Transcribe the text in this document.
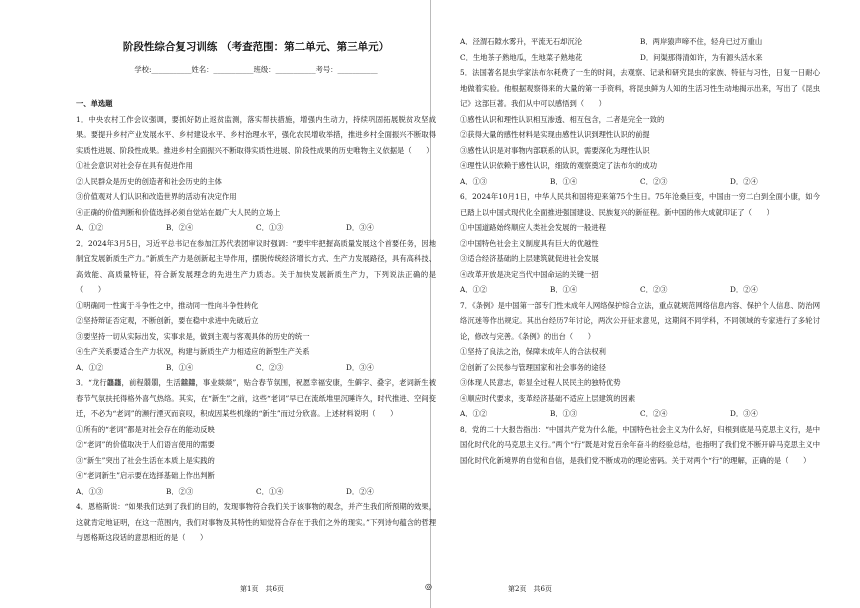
阶段性综合复习训练 （考查范围：第二单元、第三单元）
学校:___________姓名：___________班级：___________考号：___________
一、单选题

1．中央农村工作会议强调，要抓好防止返贫监测，落实帮扶措施，增强内生动力，持续巩固拓展脱贫攻坚成果。要提升乡村产业发展水平、乡村建设水平、乡村治理水平，强化农民增收举措，推进乡村全面振兴不断取得实质性进展、阶段性成果。推进乡村全面振兴不断取得实质性进展、阶段性成果的历史唯物主义依据是（　　）

①社会意识对社会存在具有促进作用

②人民群众是历史的创造者和社会历史的主体

③价值观对人们认识和改造世界的活动有决定作用

④正确的价值判断和价值选择必须自觉站在最广大人民的立场上

A．①②	B．②④	C．①③	D．③④

2．2024年3月5日，习近平总书记在参加江苏代表团审议时强调：“要牢牢把握高质量发展这个首要任务，因地制宜发展新质生产力。”新质生产力是创新起主导作用，摆脱传统经济增长方式、生产力发展路径，具有高科技、高效能、高质量特征，符合新发展理念的先进生产力质态。关于加快发展新质生产力，下列说法正确的是（　　）

①明确同一性寓于斗争性之中，推动同一性向斗争性转化

②坚持辩证否定观，不断创新，要在稳中求进中先破后立

③要坚持一切从实际出发，实事求是，做到主观与客观具体的历史的统一

④生产关系要适合生产力状况，构建与新质生产力相适应的新型生产关系

A．①②	B．①④	C．②③	D．③④

3．“龙行龘龘，前程朤朤，生活䲜䲜，事业燚燚”，贴合春节氛围，祝愿幸福安康，生僻字、叠字，老词新生被春节气氛扶托得格外喜气热络。其实，在“新生”之前，这些“老词”早已在流纸堆里沉睡许久，时代推进、空间变迁，不必为“老词”的濒行湮灭而哀叹，积成因某些机缘的“新生”而过分欣喜。上述材料说明（　　）

①所有的“老词”都是对社会存在的能动反映

②“老词”的价值取决于人们语言使用的需要

③“新生”突出了社会生活在本质上是实践的

④“老词新生”启示要在选择基础上作出判断

A．①③	B．②③	C．①④	D．②④

4．恩格斯说：“如果我们达到了我们的目的，发现事物符合我们关于该事物的观念，并产生我们所预期的效果，这就肯定地证明，在这一范围内，我们对事物及其特性的知觉符合存在于我们之外的现实。”下列诗句蕴含的哲理与恩格斯这段话的意思相近的是（　　）

A．泾渭石隙水雾升，平流无石却沉沦	B．两岸猿声啼不住，轻舟已过万重山
C．生地茶子熟地瓜，生地菜子熟地花	D．问渠那得清如许，为有源头活水来

5．法国著名昆虫学家法布尔耗费了一生的时间，去观察、记录和研究昆虫的家族、特征与习性，日复一日耐心地做着实验。他根据观察得来的大量的第一手资料，将昆虫鲜为人知的生活习性生动地揭示出来，写出了《昆虫记》这部巨著。我们从中可以感悟到（　　）

①感性认识和理性认识相互渗透、相互包含，二者是完全一致的

②获得大量的感性材料是实现由感性认识到理性认识的前提

③感性认识是对事物内部联系的认识，需要深化为理性认识

④理性认识依赖于感性认识，细致的观察奠定了法布尔的成功

A．①③	B．①④	C．②③	D．②④

6．2024年10月1日，中华人民共和国将迎来第75个生日。75年沧桑巨变，中国由一穷二白到全面小康，如今已踏上以中国式现代化全面推进强国建设、民族复兴的新征程。新中国的伟大成就印证了（　　）

①中国道路始终顺应人类社会发展的一般进程

②中国特色社会主义制度具有巨大的优越性

③适合经济基础的上层建筑就促进社会发展

④改革开放是决定当代中国命运的关键一招

A．①②	B．①④	C．②③	D．②④

7．《条例》是中国第一部专门性未成年人网络保护综合立法，重点就规范网络信息内容、保护个人信息、防治网络沉迷等作出规定。其出台经历7年讨论，两次公开征求意见，这期间不同学科，不同领域的专家进行了多轮讨论，修改与完善。《条例》的出台（　　）

①坚持了良法之治，保障未成年人的合法权利

②创新了公民参与管理国家和社会事务的途径

③体现人民意志，彰显全过程人民民主的独特优势

④顺应时代要求，变革经济基础不适应上层建筑的因素

A．①②	B．①③	C．②④	D．③④

8．党的二十大报告指出：“中国共产党为什么能，中国特色社会主义为什么好，归根到底是马克思主义行，是中国化时代化的马克思主义行。”两个“行”既是对党百余年奋斗的经验总结，也指明了我们党不断开辟马克思主义中国化时代化新境界的自觉和自信，是我们党不断成功的理论密码。关于对两个“行”的理解，正确的是（　　）

第1页　共6页	◎	第2页　共6页
